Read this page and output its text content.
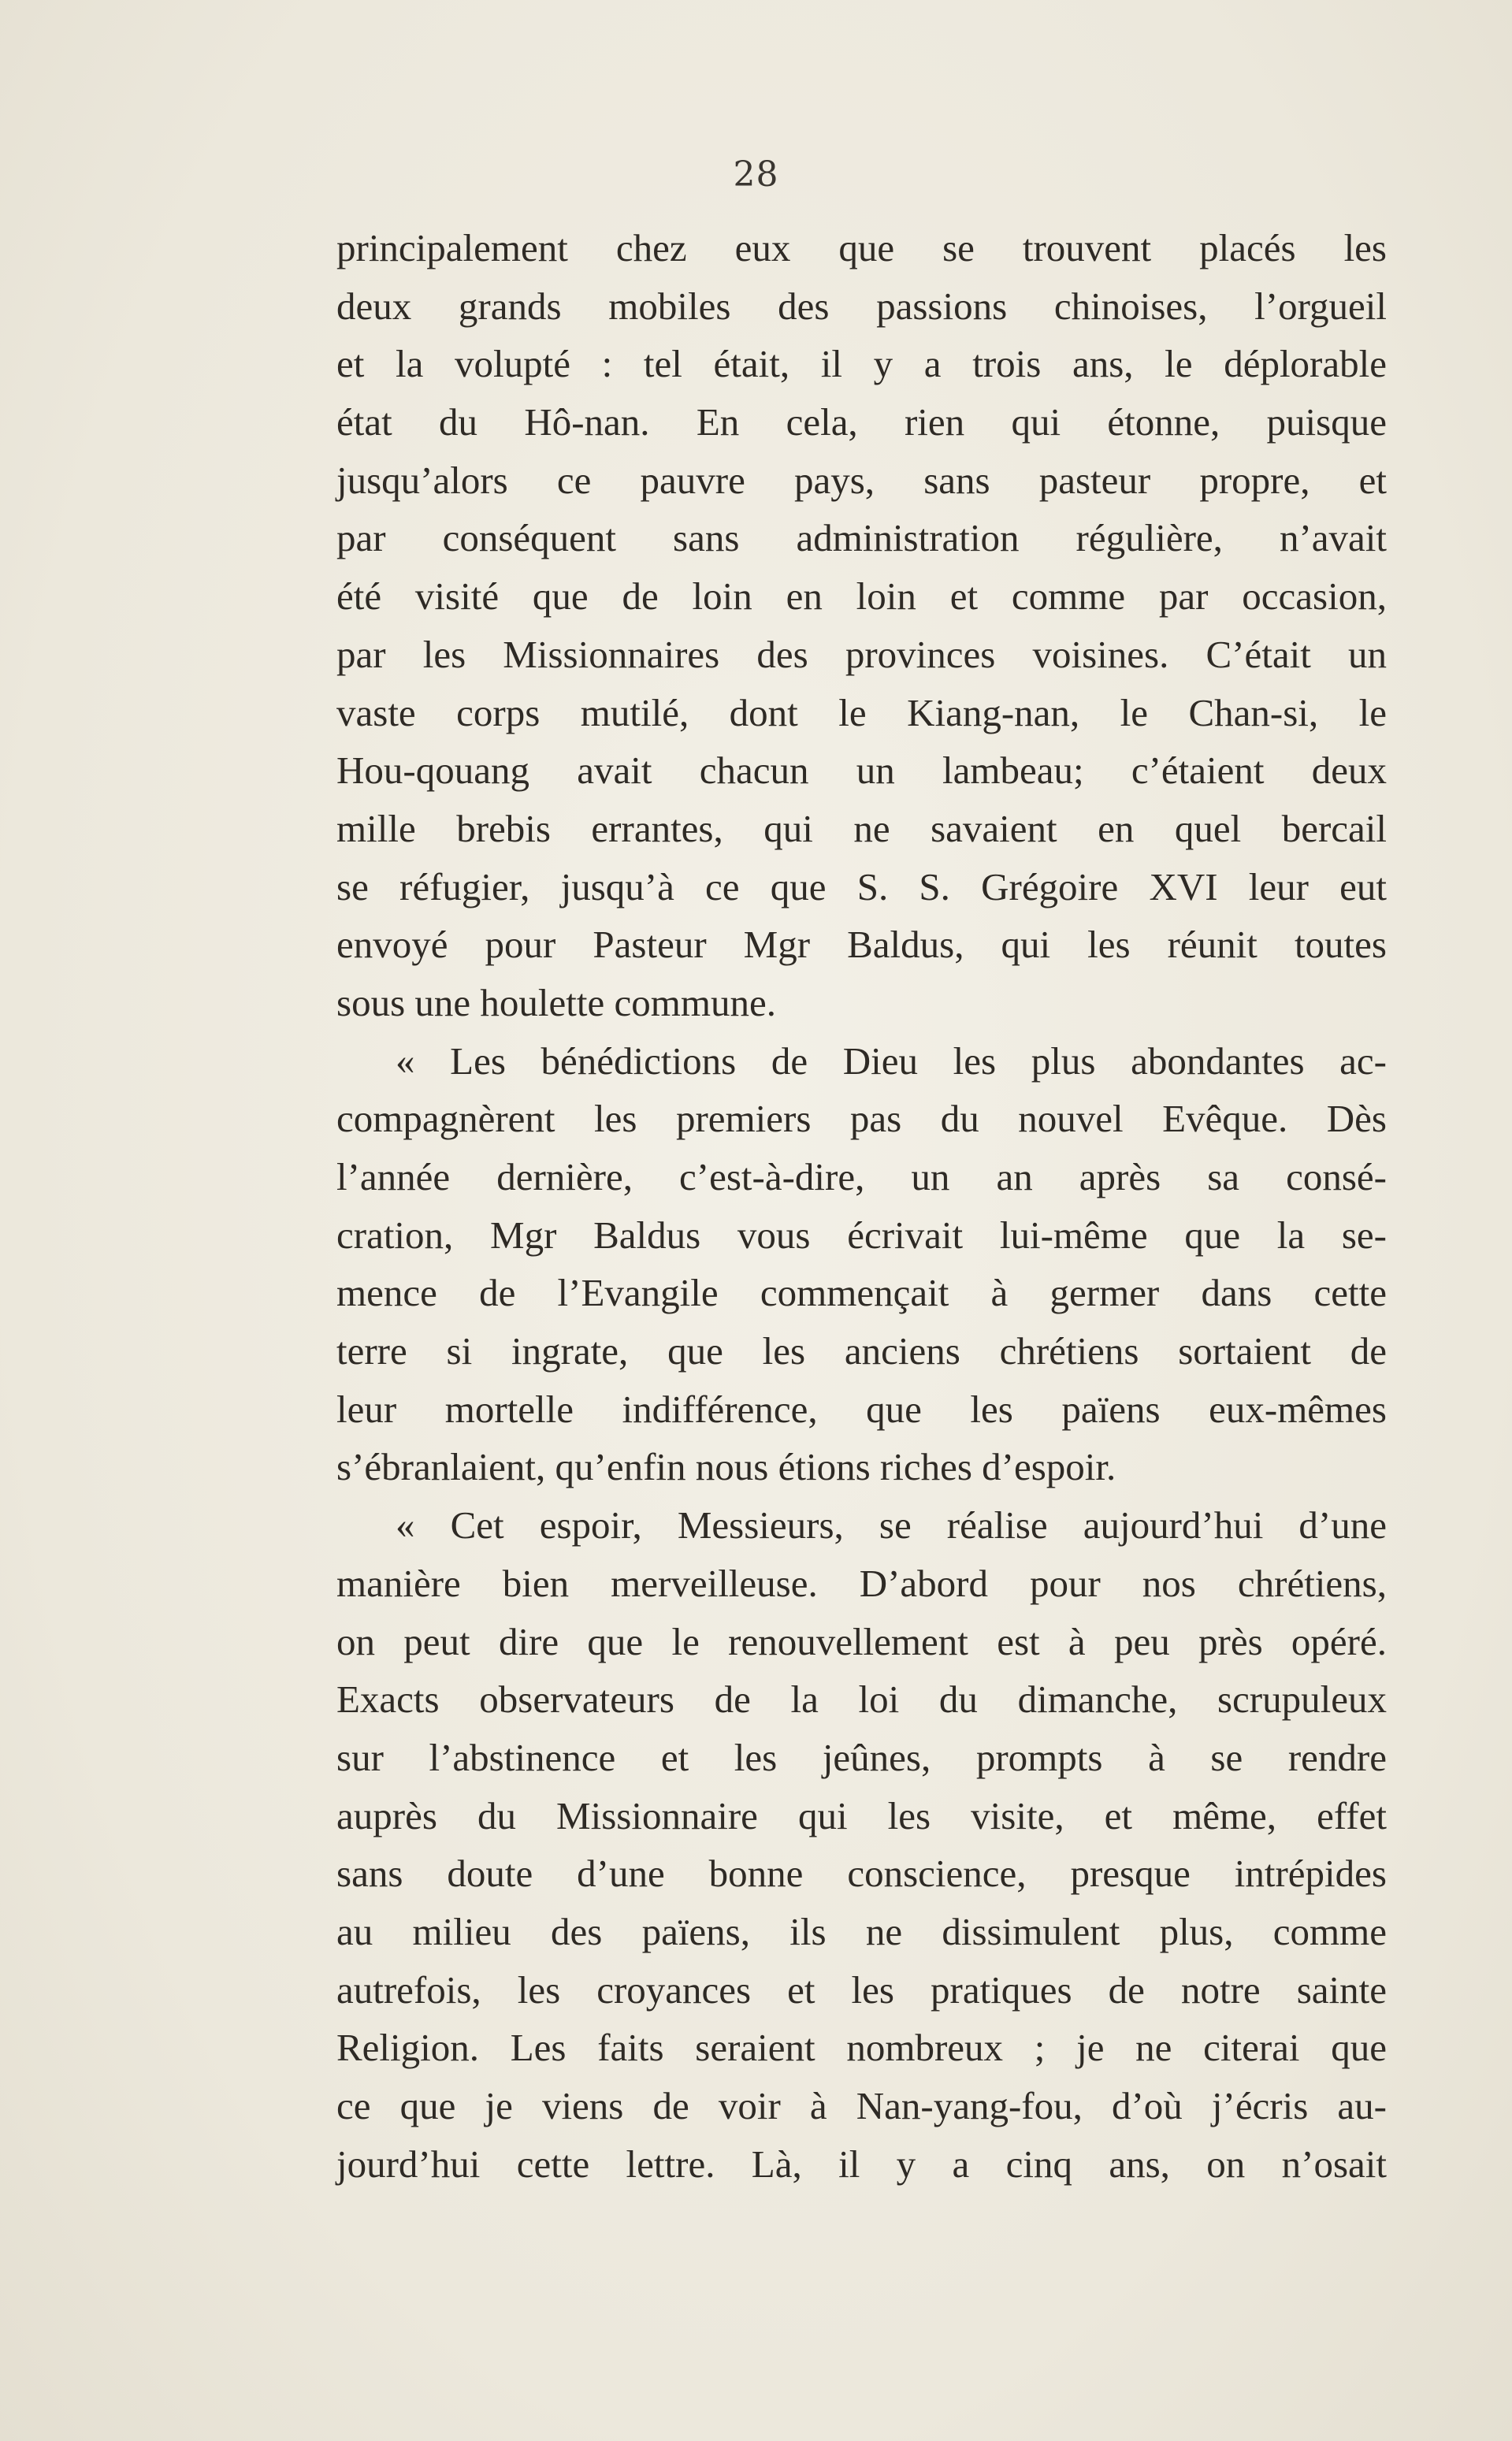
28
principalement chez eux que se trouvent placés les
deux grands mobiles des passions chinoises, l’orgueil
et la volupté : tel était, il y a trois ans, le déplorable
état du Hô-nan. En cela, rien qui étonne, puisque
jusqu’alors ce pauvre pays, sans pasteur propre, et
par conséquent sans administration régulière, n’avait
été visité que de loin en loin et comme par occasion,
par les Missionnaires des provinces voisines. C’était un
vaste corps mutilé, dont le Kiang-nan, le Chan-si, le
Hou-qouang avait chacun un lambeau; c’étaient deux
mille brebis errantes, qui ne savaient en quel bercail
se réfugier, jusqu’à ce que S. S. Grégoire XVI leur eut
envoyé pour Pasteur Mgr Baldus, qui les réunit toutes
sous une houlette commune.
« Les bénédictions de Dieu les plus abondantes ac-
compagnèrent les premiers pas du nouvel Evêque. Dès
l’année dernière, c’est-à-dire, un an après sa consé-
cration, Mgr Baldus vous écrivait lui-même que la se-
mence de l’Evangile commençait à germer dans cette
terre si ingrate, que les anciens chrétiens sortaient de
leur mortelle indifférence, que les païens eux-mêmes
s’ébranlaient, qu’enfin nous étions riches d’espoir.
« Cet espoir, Messieurs, se réalise aujourd’hui d’une
manière bien merveilleuse. D’abord pour nos chrétiens,
on peut dire que le renouvellement est à peu près opéré.
Exacts observateurs de la loi du dimanche, scrupuleux
sur l’abstinence et les jeûnes, prompts à se rendre
auprès du Missionnaire qui les visite, et même, effet
sans doute d’une bonne conscience, presque intrépides
au milieu des païens, ils ne dissimulent plus, comme
autrefois, les croyances et les pratiques de notre sainte
Religion. Les faits seraient nombreux ; je ne citerai que
ce que je viens de voir à Nan-yang-fou, d’où j’écris au-
jourd’hui cette lettre. Là, il y a cinq ans, on n’osait
